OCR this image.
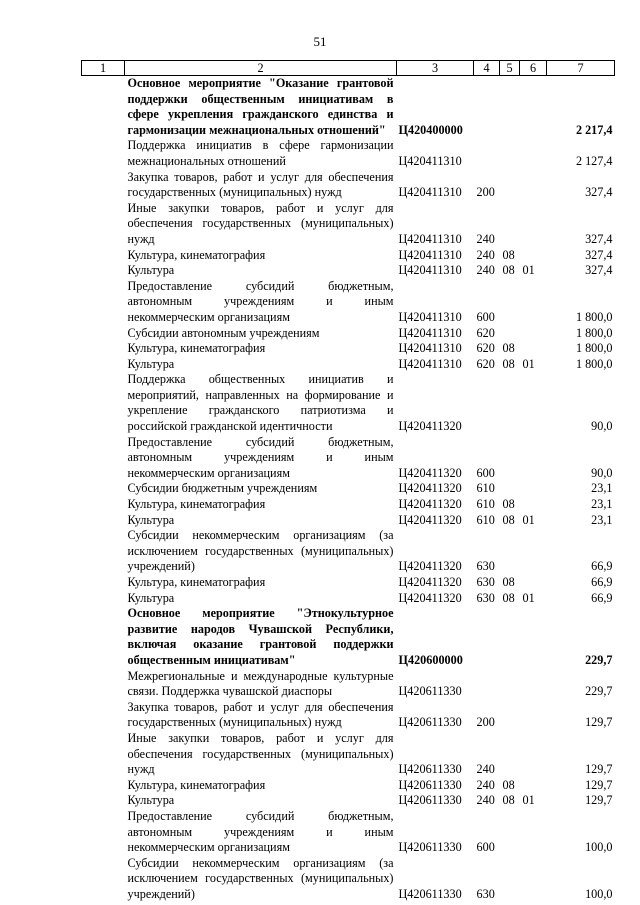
51
1	2	3	4	5	6	7
	Основное мероприятие "Оказание грантовой поддержки общественным инициативам в сфере укрепления гражданского единства и гармонизации межнациональных отношений"	Ц420400000				2 217,4
	Поддержка инициатив в сфере гармонизации межнациональных отношений	Ц420411310				2 127,4
	Закупка товаров, работ и услуг для обеспечения государственных (муниципальных) нужд	Ц420411310	200			327,4
	Иные закупки товаров, работ и услуг для обеспечения государственных (муниципальных) нужд	Ц420411310	240			327,4
	Культура, кинематография	Ц420411310	240	08		327,4
	Культура	Ц420411310	240	08	01	327,4
	Предоставление субсидий бюджетным, автономным учреждениям и иным некоммерческим организациям	Ц420411310	600			1 800,0
	Субсидии автономным учреждениям	Ц420411310	620			1 800,0
	Культура, кинематография	Ц420411310	620	08		1 800,0
	Культура	Ц420411310	620	08	01	1 800,0
	Поддержка общественных инициатив и мероприятий, направленных на формирование и укрепление гражданского патриотизма и российской гражданской идентичности	Ц420411320				90,0
	Предоставление субсидий бюджетным, автономным учреждениям и иным некоммерческим организациям	Ц420411320	600			90,0
	Субсидии бюджетным учреждениям	Ц420411320	610			23,1
	Культура, кинематография	Ц420411320	610	08		23,1
	Культура	Ц420411320	610	08	01	23,1
	Субсидии некоммерческим организациям (за исключением государственных (муниципальных) учреждений)	Ц420411320	630			66,9
	Культура, кинематография	Ц420411320	630	08		66,9
	Культура	Ц420411320	630	08	01	66,9
	Основное мероприятие "Этнокультурное развитие народов Чувашской Республики, включая оказание грантовой поддержки общественным инициативам"	Ц420600000				229,7
	Межрегиональные и международные культурные связи. Поддержка чувашской диаспоры	Ц420611330				229,7
	Закупка товаров, работ и услуг для обеспечения государственных (муниципальных) нужд	Ц420611330	200			129,7
	Иные закупки товаров, работ и услуг для обеспечения государственных (муниципальных) нужд	Ц420611330	240			129,7
	Культура, кинематография	Ц420611330	240	08		129,7
	Культура	Ц420611330	240	08	01	129,7
	Предоставление субсидий бюджетным, автономным учреждениям и иным некоммерческим организациям	Ц420611330	600			100,0
	Субсидии некоммерческим организациям (за исключением государственных (муниципальных) учреждений)	Ц420611330	630			100,0
